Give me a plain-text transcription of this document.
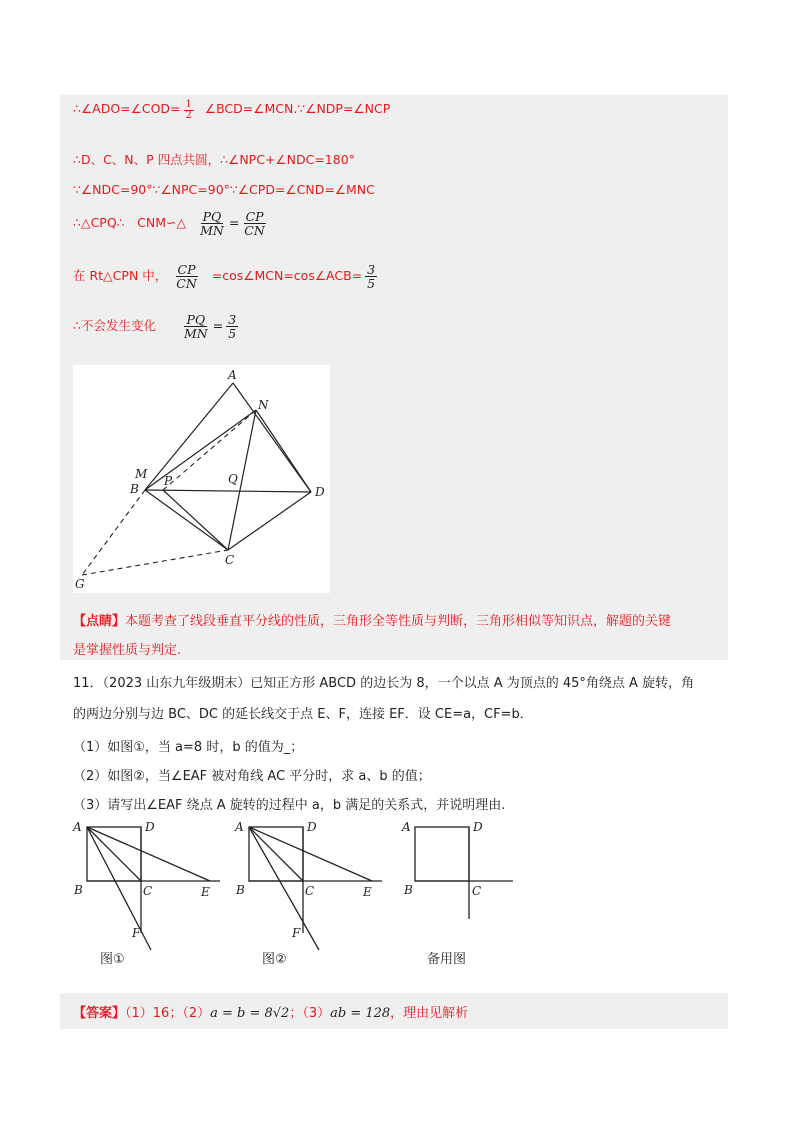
∴∠ADO=∠COD= $\frac{1}{2}$ ∠BCD=∠MCN.∵∠NDP=∠NCP
∴D、C、N、P 四点共圆，∴∠NPC+∠NDC=180°
∵∠NDC=90°∵∠NPC=90°∵∠CPD=∠CND=∠MNC
∴△CPQ∴　CNM∽△ $\frac{PQ}{MN} = \frac{CP}{CN}$
在 Rt△CPN 中， $\frac{CP}{CN}$ =cos∠MCN=cos∠ACB= $\frac{3}{5}$
∴不会发生变化 $\frac{PQ}{MN} = \frac{3}{5}$
A
N
M
B
P	Q
D
C
G
【点睛】本题考查了线段垂直平分线的性质，三角形全等性质与判断，三角形相似等知识点，解题的关键
是掌握性质与判定.
11．（2023 山东九年级期末）已知正方形 ABCD 的边长为 8，一个以点 A 为顶点的 45°角绕点 A 旋转，角
的两边分别与边 BC、DC 的延长线交于点 E、F，连接 EF．设 CE=a，CF=b．
（1）如图①，当 a=8 时，b 的值为_；
（2）如图②，当∠EAF 被对角线 AC 平分时，求 a、b 的值；
（3）请写出∠EAF 绕点 A 旋转的过程中 a，b 满足的关系式，并说明理由.
A	D
B	C	E
F
图①
A	D
B	C	E
F
图②
A	D
B	C
备用图
【答案】（1）16；（2）a = b = 8√2；（3）ab = 128，理由见解析
